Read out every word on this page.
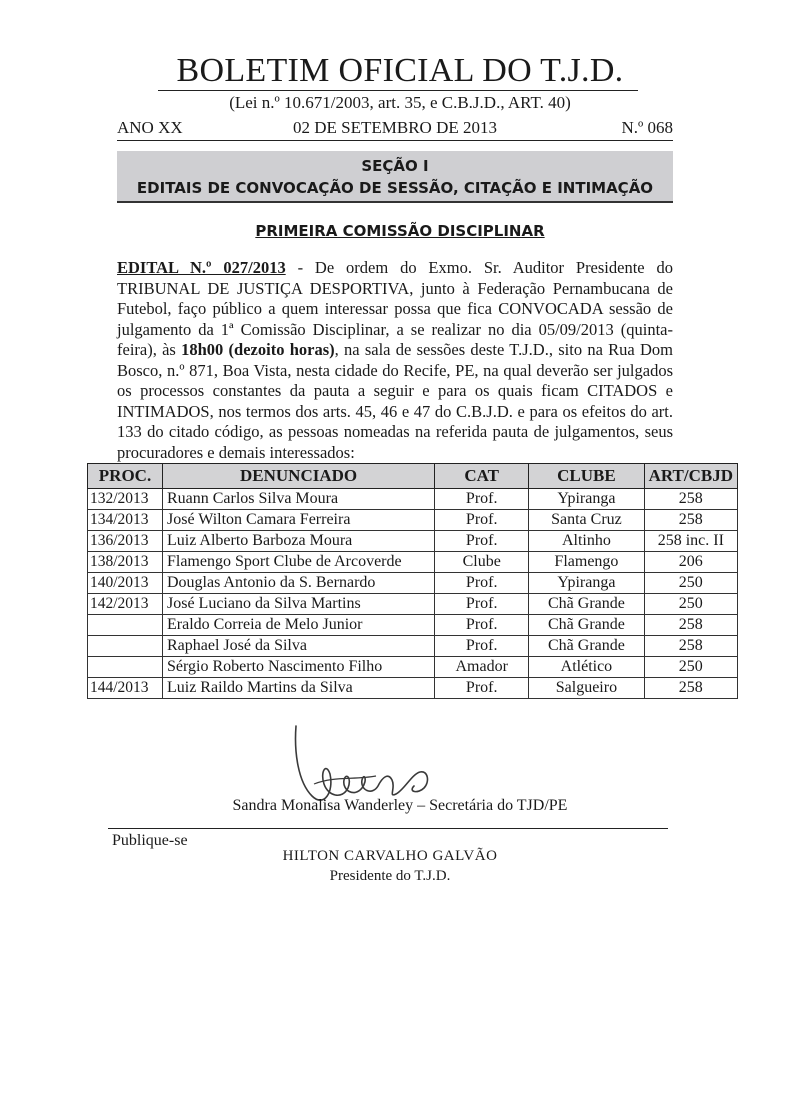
BOLETIM OFICIAL DO T.J.D.
(Lei n.º 10.671/2003, art. 35, e C.B.J.D., ART. 40)
ANO XX	02 DE SETEMBRO DE 2013	N.º 068
SEÇÃO I
EDITAIS DE CONVOCAÇÃO DE SESSÃO, CITAÇÃO E INTIMAÇÃO
PRIMEIRA COMISSÃO DISCIPLINAR
EDITAL N.º 027/2013 - De ordem do Exmo. Sr. Auditor Presidente do TRIBUNAL DE JUSTIÇA DESPORTIVA, junto à Federação Pernambucana de Futebol, faço público a quem interessar possa que fica CONVOCADA sessão de julgamento da 1ª Comissão Disciplinar, a se realizar no dia 05/09/2013 (quinta-feira), às 18h00 (dezoito horas), na sala de sessões deste T.J.D., sito na Rua Dom Bosco, n.º 871, Boa Vista, nesta cidade do Recife, PE, na qual deverão ser julgados os processos constantes da pauta a seguir e para os quais ficam CITADOS e INTIMADOS, nos termos dos arts. 45, 46 e 47 do C.B.J.D. e para os efeitos do art. 133 do citado código, as pessoas nomeadas na referida pauta de julgamentos, seus procuradores e demais interessados:
PROC.	DENUNCIADO	CAT	CLUBE	ART/CBJD
132/2013	Ruann Carlos Silva Moura	Prof.	Ypiranga	258
134/2013	José Wilton Camara Ferreira	Prof.	Santa Cruz	258
136/2013	Luiz Alberto Barboza Moura	Prof.	Altinho	258 inc. II
138/2013	Flamengo Sport Clube de Arcoverde	Clube	Flamengo	206
140/2013	Douglas Antonio da S. Bernardo	Prof.	Ypiranga	250
142/2013	José Luciano da Silva Martins	Prof.	Chã Grande	250
	Eraldo Correia de Melo Junior	Prof.	Chã Grande	258
	Raphael José da Silva	Prof.	Chã Grande	258
	Sérgio Roberto Nascimento Filho	Amador	Atlético	250
144/2013	Luiz Raildo Martins da Silva	Prof.	Salgueiro	258
Sandra Monalisa Wanderley – Secretária do TJD/PE
Publique-se
HILTON CARVALHO GALVÃO
Presidente do T.J.D.
